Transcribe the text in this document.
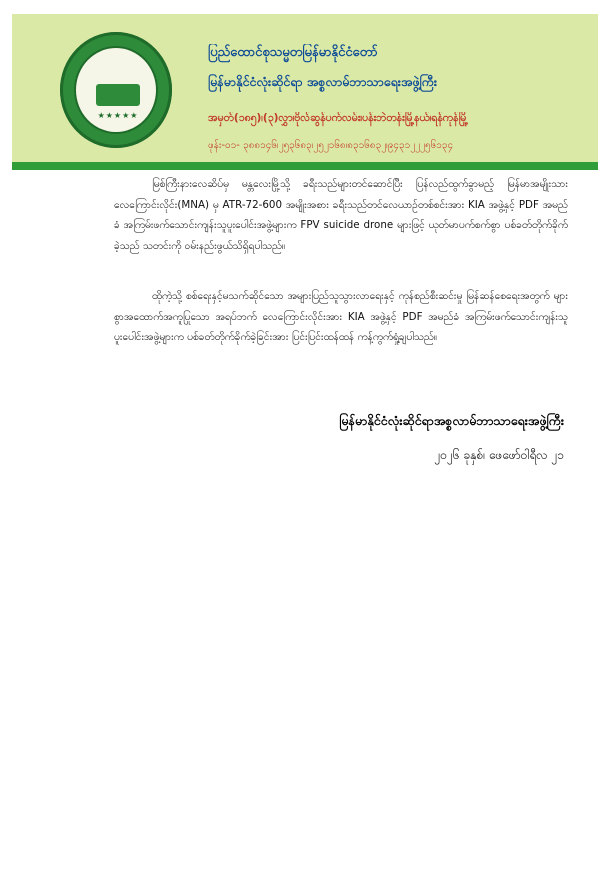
★★★★★
ပြည်ထောင်စုသမ္မတမြန်မာနိုင်ငံတော်
မြန်မာနိုင်ငံလုံးဆိုင်ရာ အစ္စလာမ်ဘာသာရေးအဖွဲ့ကြီး
အမှတ်(၁၈၅)၊(၃)လွှာ၊ဗိုလ်ဆွန်ပက်လမ်း၊ပန်းဘဲတန်းမြို့နယ်၊ရန်ကုန်မြို့
ဖုန်း-၀၁- ၃၈၈၁၄၆၊၂၅၃၆၈၃၊၂၅၂၁၆၈၊၈၃၁၆၈၃၂၊၉၄၃၁၂၂၂၅၆၁၃၄

မြစ်ကြီးနားလေဆိပ်မှ မန္တလေးမြို့သို့ ခရီးသည်များတင်ဆောင်ပြီး ပြန်လည်ထွက်ခွာမည့် မြန်မာအမျိုးသားလေကြောင်းလိုင်း(MNA) မှ ATR-72-600 အမျိုးအစား ခရီးသည်တင်လေယာဉ်တစ်စင်းအား KIA အဖွဲ့နှင့် PDF အမည်ခံ အကြမ်းဖက်သောင်းကျန်းသူပူးပေါင်းအဖွဲ့များက FPV suicide drone များဖြင့် ယုတ်မာပက်စက်စွာ ပစ်ခတ်တိုက်ခိုက်ခဲ့သည် သတင်းကို ဝမ်းနည်းဖွယ်သိရှိရပါသည်။

ထိုကဲ့သို့ စစ်ရေးနှင့်မသက်ဆိုင်သော အများပြည်သူသွားလာရေးနှင့် ကုန်စည်စီးဆင်းမှု မြန်ဆန်စေရေးအတွက် များစွာအထောက်အကူပြုသော အရပ်ဘက် လေကြောင်းလိုင်းအား KIA အဖွဲ့နှင့် PDF အမည်ခံ အကြမ်းဖက်သောင်းကျန်းသူပူးပေါင်းအဖွဲ့များက ပစ်ခတ်တိုက်ခိုက်ခဲ့ခြင်းအား ပြင်းပြင်းထန်ထန် ကန့်ကွက်ရှုံ့ချပါသည်။

မြန်မာနိုင်ငံလုံးဆိုင်ရာအစ္စလာမ်ဘာသာရေးအဖွဲ့ကြီး
၂၀၂၆ ခုနှစ်၊ ဖေဖော်ဝါရီလ ၂၁
